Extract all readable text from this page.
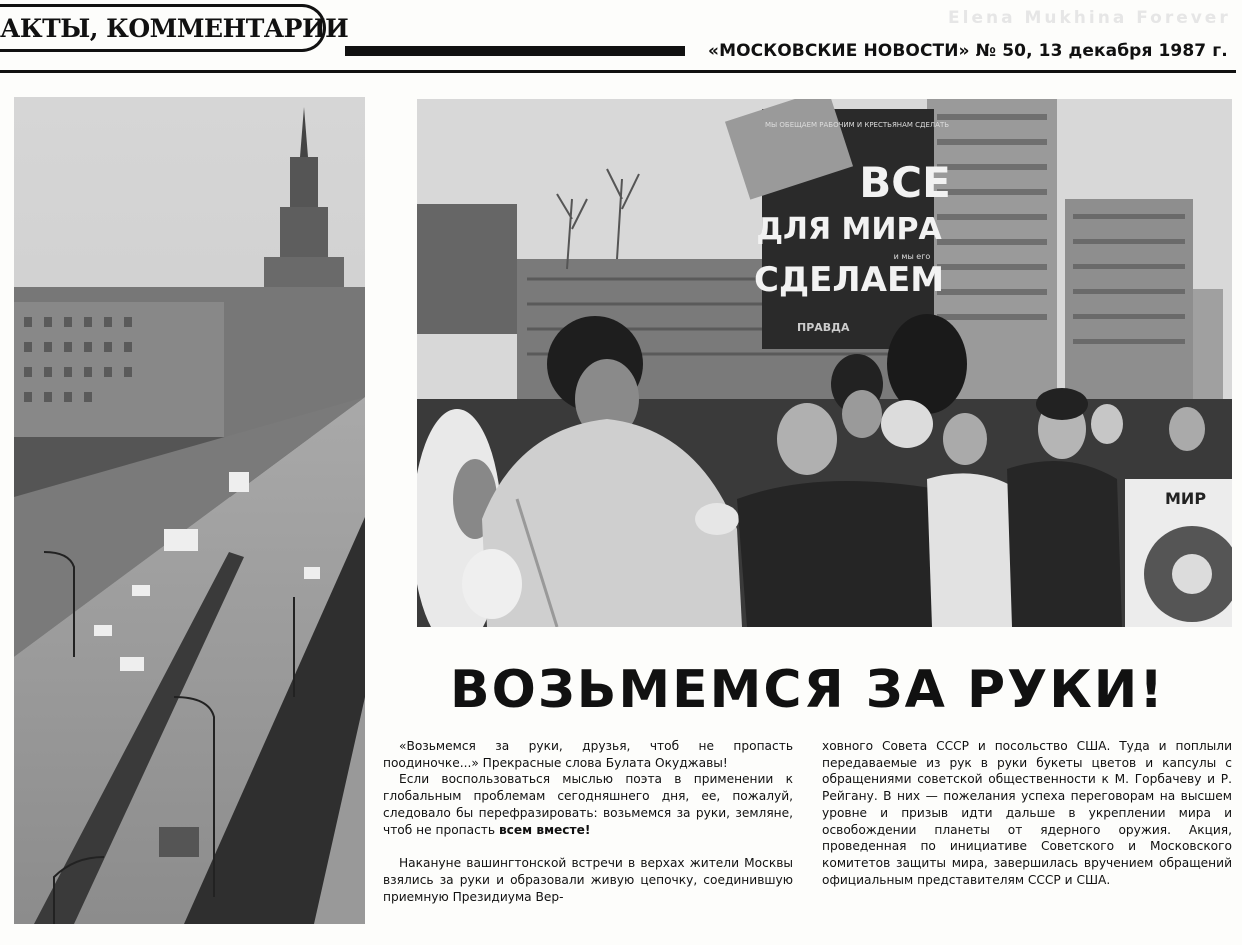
АКТЫ, КОММЕНТАРИИ
«МОСКОВСКИЕ НОВОСТИ» № 50, 13 декабря 1987 г.
Elena Mukhina Forever
МЫ ОБЕЩАЕМ РАБОЧИМ И КРЕСТЬЯНАМ СДЕЛАТЬ
ВСЕ
ДЛЯ МИРА
и мы его
СДЕЛАЕМ
ПРАВДА
МИР
ВОЗЬМЕМСЯ ЗА РУКИ!

«Возьмемся за руки, друзья, чтоб не пропасть поодиночке...» Прекрасные слова Булата Окуджавы!

Если воспользоваться мыслью поэта в применении к глобальным проблемам сегодняшнего дня, ее, пожалуй, следовало бы перефразировать: возьмемся за руки, земляне, чтоб не пропасть всем вместе!

Накануне вашингтонской встречи в верхах жители Москвы взялись за руки и образовали живую цепочку, соединившую приемную Президиума Вер-

ховного Совета СССР и посольство США. Туда и поплыли передаваемые из рук в руки букеты цветов и капсулы с обращениями советской общественности к М. Горбачеву и Р. Рейгану. В них — пожелания успеха переговорам на высшем уровне и призыв идти дальше в укреплении мира и освобождении планеты от ядерного оружия. Акция, проведенная по инициативе Советского и Московского комитетов защиты мира, завершилась вручением обращений официальным представителям СССР и США.
